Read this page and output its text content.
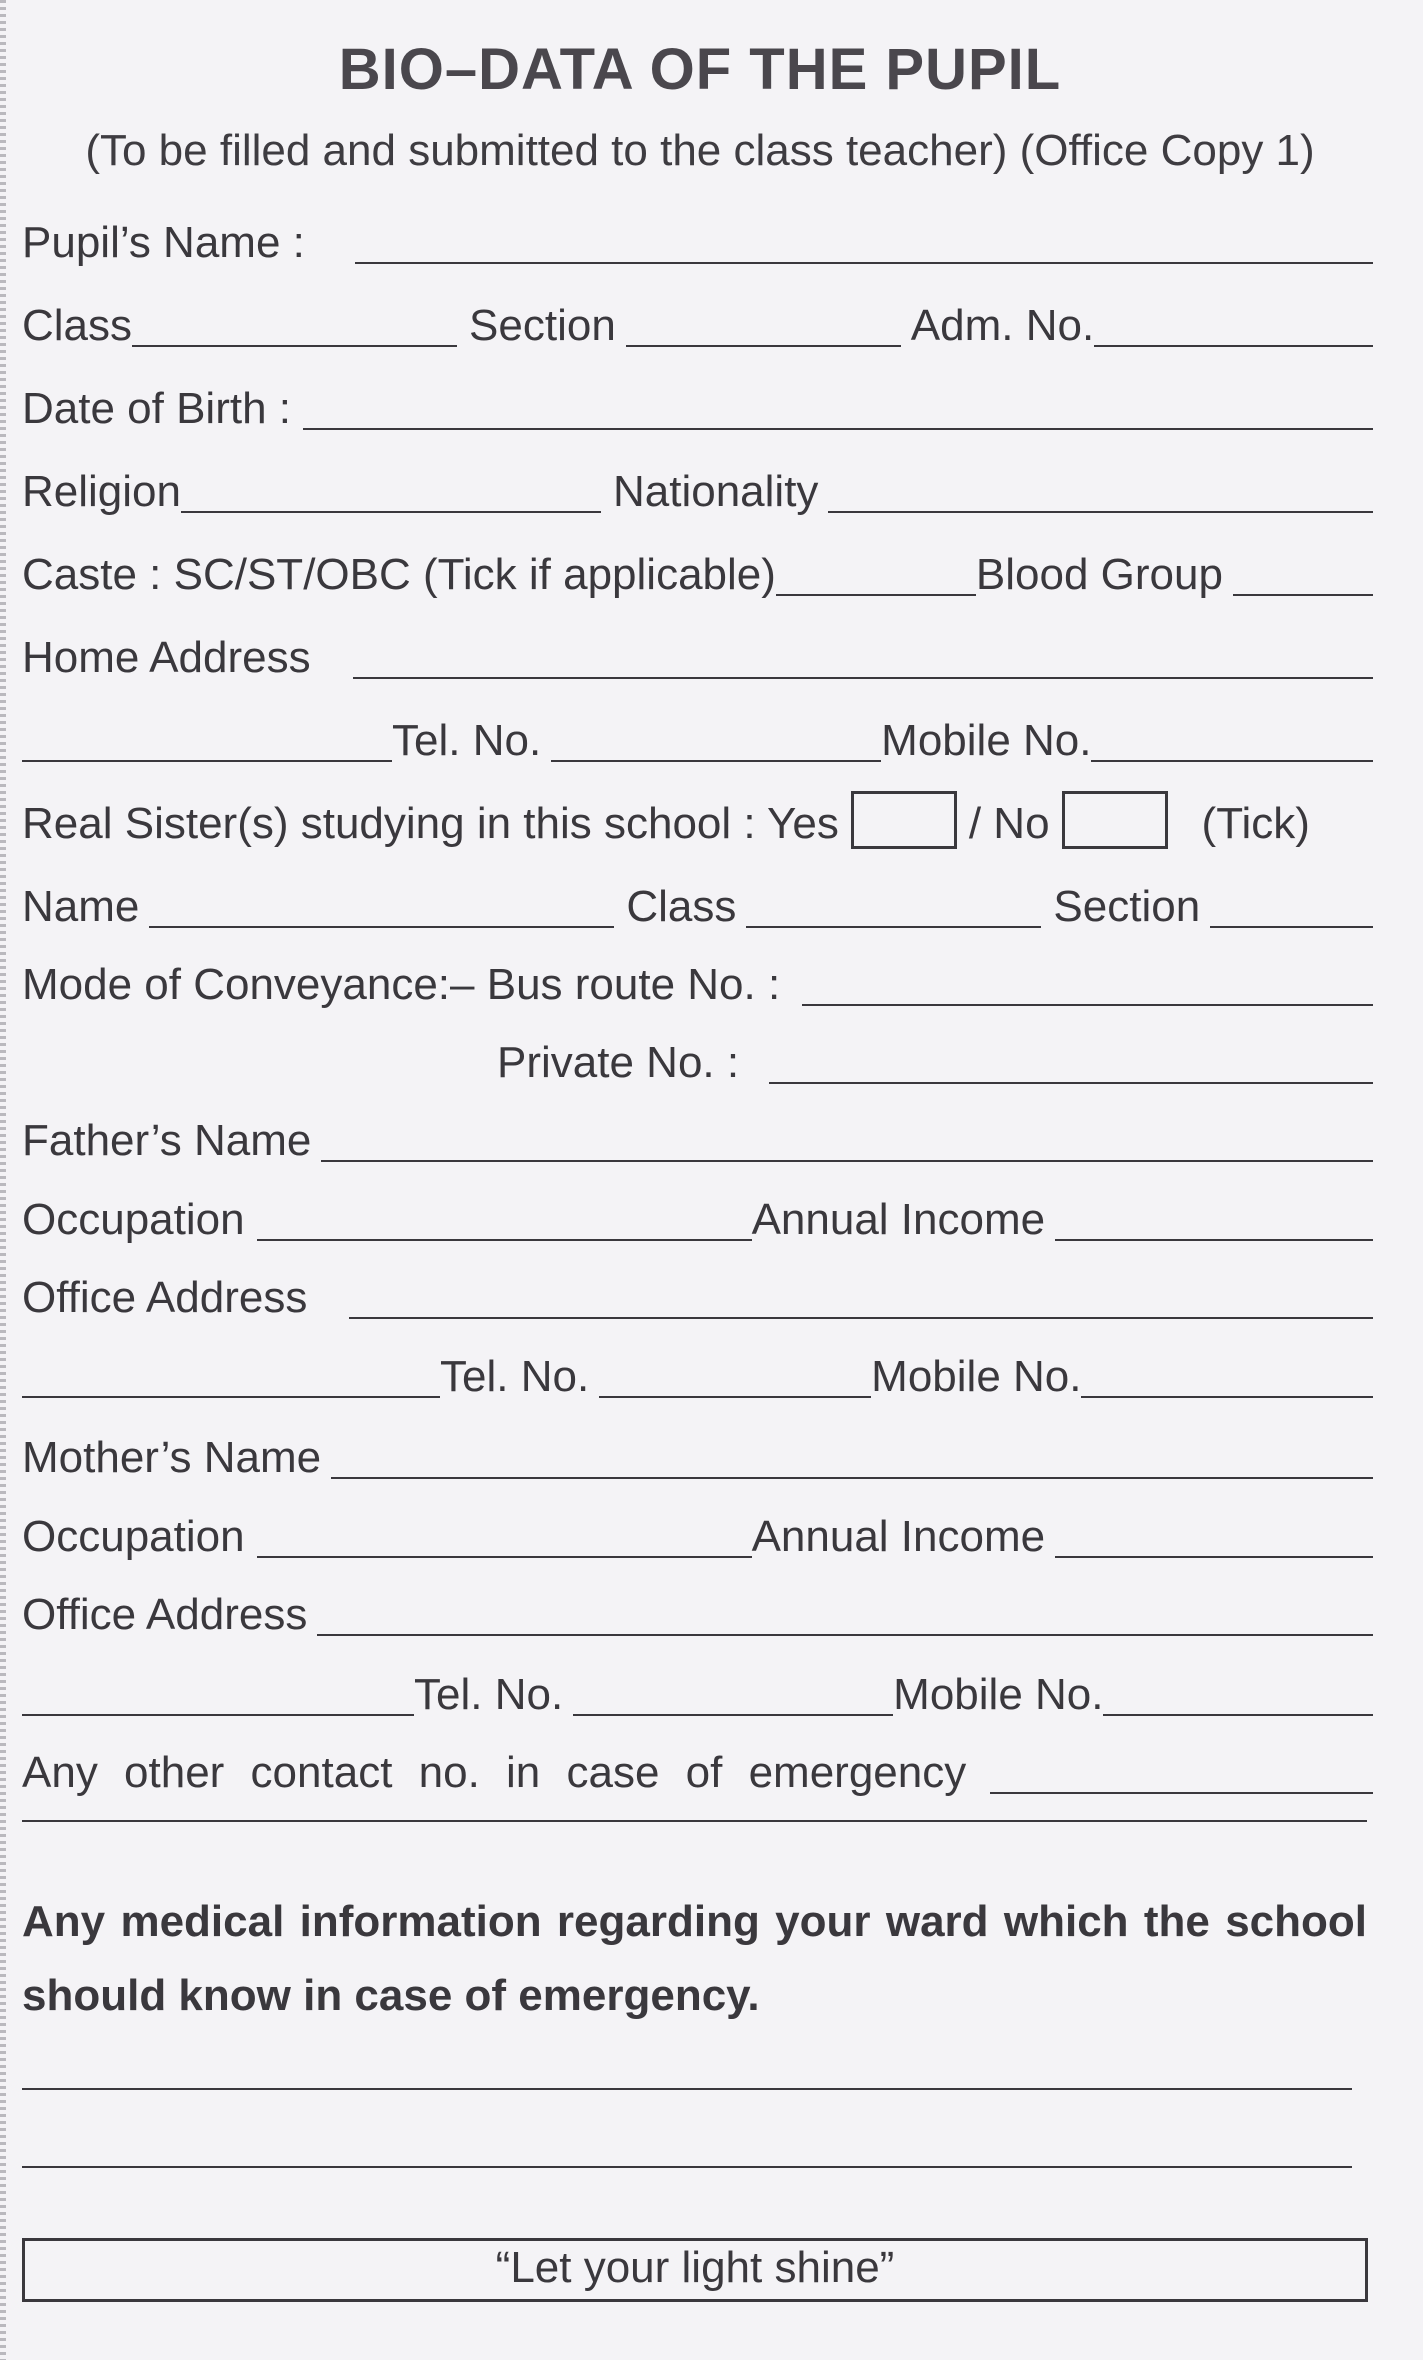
BIO–DATA OF THE PUPIL
(To be filled and submitted to the class teacher) (Office Copy 1)
Pupil’s Name :
Class	Section	Adm. No.
Date of Birth :
Religion	Nationality
Caste : SC/ST/OBC (Tick if applicable)	Blood Group
Home Address
Tel. No.	Mobile No.
Real Sister(s) studying in this school : Yes	/ No	(Tick)
Name	Class	Section
Mode of Conveyance:– Bus route No. :
Private No. :
Father’s Name
Occupation	Annual Income
Office Address
Tel. No.	Mobile No.
Mother’s Name
Occupation	Annual Income
Office Address
Tel. No.	Mobile No.
Any other contact no. in case of emergency
Any medical information regarding your ward which the school should know in case of emergency.
“Let your light shine”
